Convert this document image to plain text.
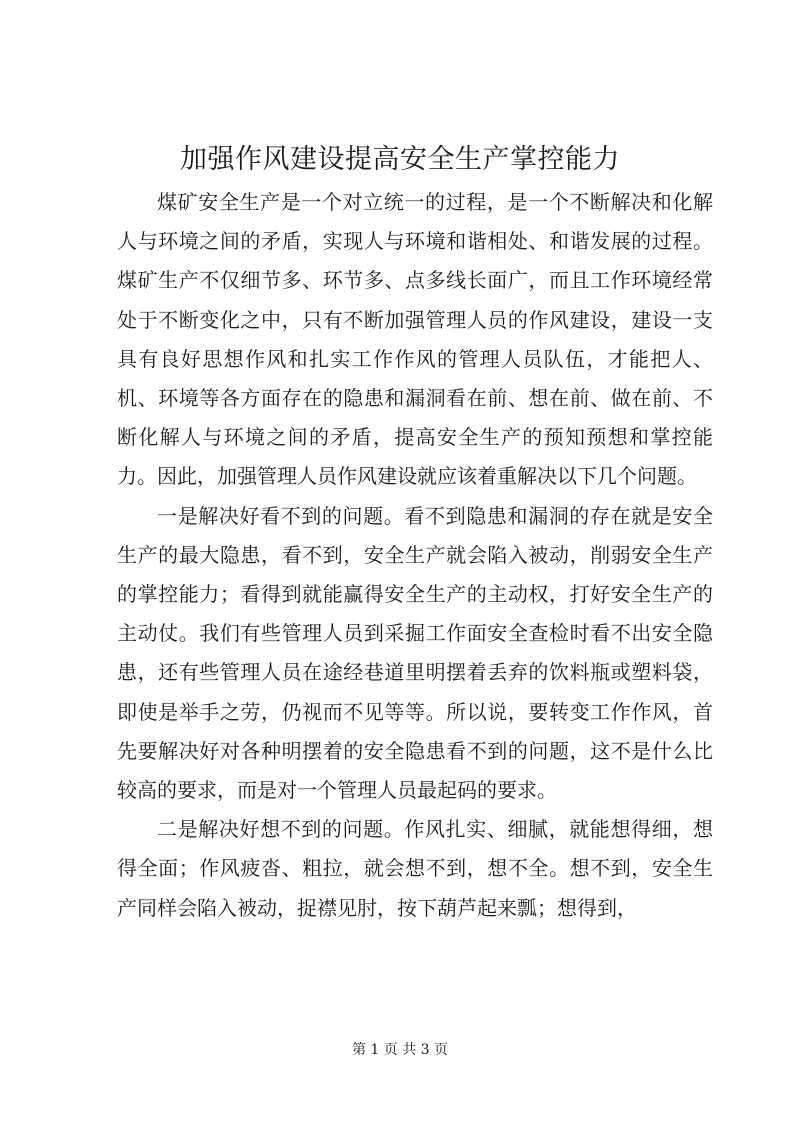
加强作风建设提高安全生产掌控能力

煤矿安全生产是一个对立统一的过程，是一个不断解决和化解人与环境之间的矛盾，实现人与环境和谐相处、和谐发展的过程。煤矿生产不仅细节多、环节多、点多线长面广，而且工作环境经常处于不断变化之中，只有不断加强管理人员的作风建设，建设一支具有良好思想作风和扎实工作作风的管理人员队伍，才能把人、机、环境等各方面存在的隐患和漏洞看在前、想在前、做在前、不断化解人与环境之间的矛盾，提高安全生产的预知预想和掌控能力。因此，加强管理人员作风建设就应该着重解决以下几个问题。

一是解决好看不到的问题。看不到隐患和漏洞的存在就是安全生产的最大隐患，看不到，安全生产就会陷入被动，削弱安全生产的掌控能力；看得到就能赢得安全生产的主动权，打好安全生产的主动仗。我们有些管理人员到采掘工作面安全查检时看不出安全隐患，还有些管理人员在途经巷道里明摆着丢弃的饮料瓶或塑料袋，即使是举手之劳，仍视而不见等等。所以说，要转变工作作风，首先要解决好对各种明摆着的安全隐患看不到的问题，这不是什么比较高的要求，而是对一个管理人员最起码的要求。

二是解决好想不到的问题。作风扎实、细腻，就能想得细，想得全面；作风疲沓、粗拉，就会想不到，想不全。想不到，安全生产同样会陷入被动，捉襟见肘，按下葫芦起来瓢；想得到，

第 1 页 共 3 页
